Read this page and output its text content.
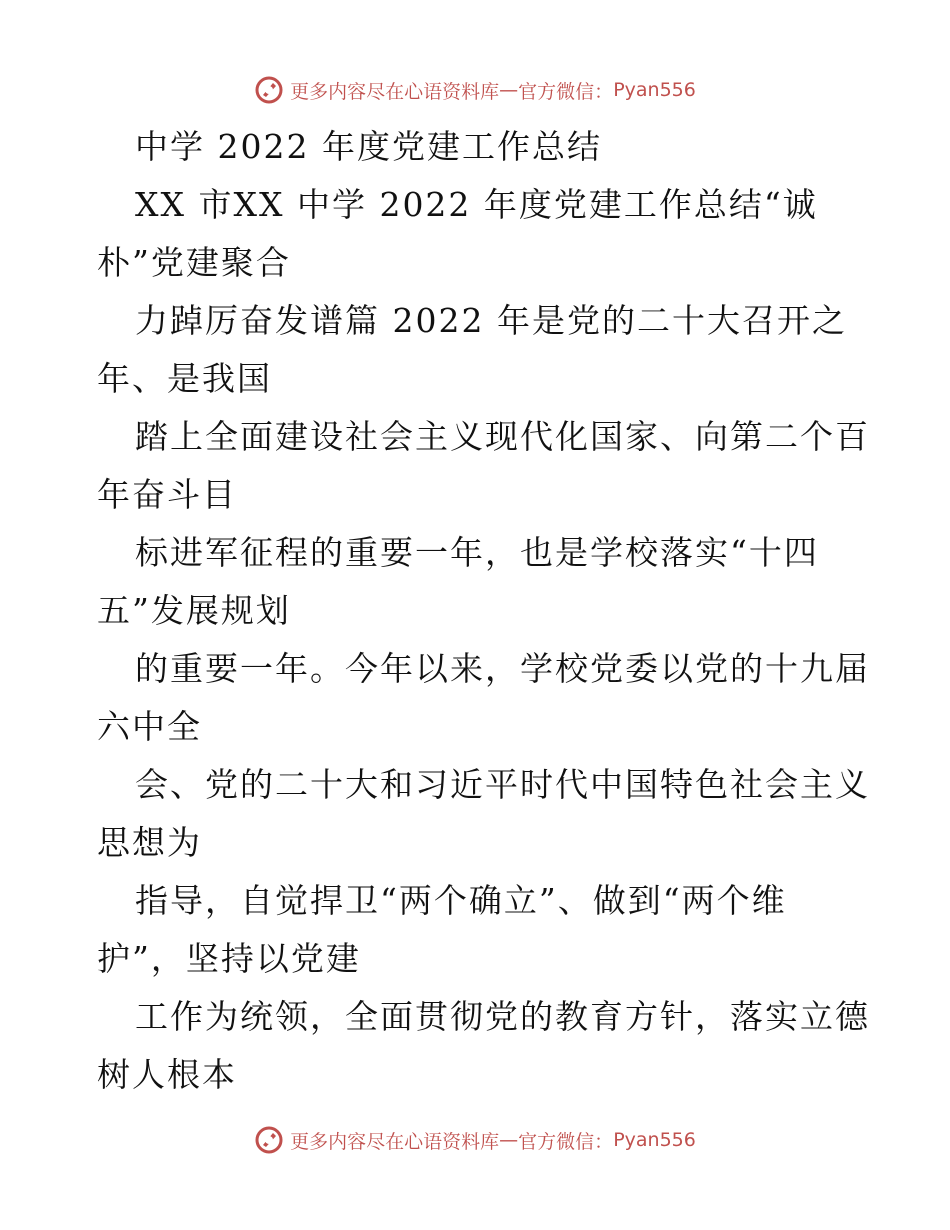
更多内容尽在心语资料库 — 官方微信： Pyan556
中学 2022 年度党建工作总结
XX 市XX 中学 2022 年度党建工作总结“诚
朴”党建聚合
力踔厉奋发谱篇 2022 年是党的二十大召开之
年、是我国
踏上全面建设社会主义现代化国家、向第二个百
年奋斗目
标进军征程的重要一年，也是学校落实“十四
五”发展规划
的重要一年。今年以来，学校党委以党的十九届
六中全
会、党的二十大和习近平时代中国特色社会主义
思想为
指导，自觉捍卫“两个确立”、做到“两个维
护”，坚持以党建
工作为统领，全面贯彻党的教育方针，落实立德
树人根本
更多内容尽在心语资料库 — 官方微信： Pyan556
